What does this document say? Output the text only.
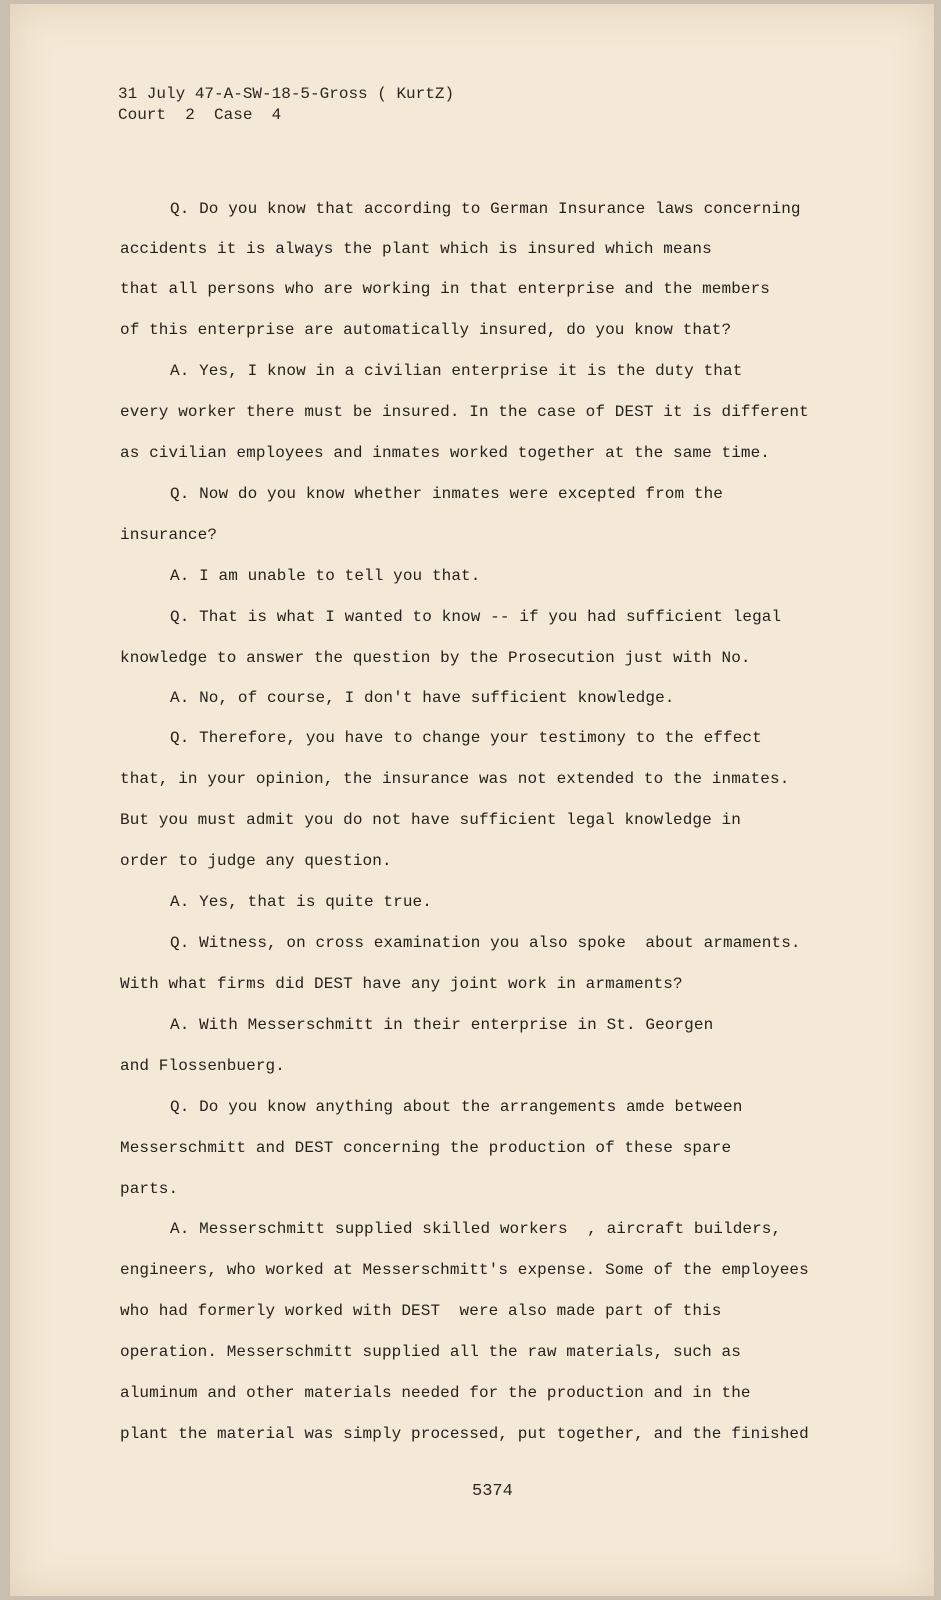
31 July 47-A-SW-18-5-Gross ( KurtZ)
Court  2  Case  4
Q. Do you know that according to German Insurance laws concerning
accidents it is always the plant which is insured which means
that all persons who are working in that enterprise and the members
of this enterprise are automatically insured, do you know that?
A. Yes, I know in a civilian enterprise it is the duty that
every worker there must be insured. In the case of DEST it is different
as civilian employees and inmates worked together at the same time.
Q. Now do you know whether inmates were excepted from the
insurance?
A. I am unable to tell you that.
Q. That is what I wanted to know -- if you had sufficient legal
knowledge to answer the question by the Prosecution just with No.
A. No, of course, I don't have sufficient knowledge.
Q. Therefore, you have to change your testimony to the effect
that, in your opinion, the insurance was not extended to the inmates.
But you must admit you do not have sufficient legal knowledge in
order to judge any question.
A. Yes, that is quite true.
Q. Witness, on cross examination you also spoke  about armaments.
With what firms did DEST have any joint work in armaments?
A. With Messerschmitt in their enterprise in St. Georgen
and Flossenbuerg.
Q. Do you know anything about the arrangements amde between
Messerschmitt and DEST concerning the production of these spare
parts.
A. Messerschmitt supplied skilled workers  , aircraft builders,
engineers, who worked at Messerschmitt's expense. Some of the employees
who had formerly worked with DEST  were also made part of this
operation. Messerschmitt supplied all the raw materials, such as
aluminum and other materials needed for the production and in the
plant the material was simply processed, put together, and the finished
5374
